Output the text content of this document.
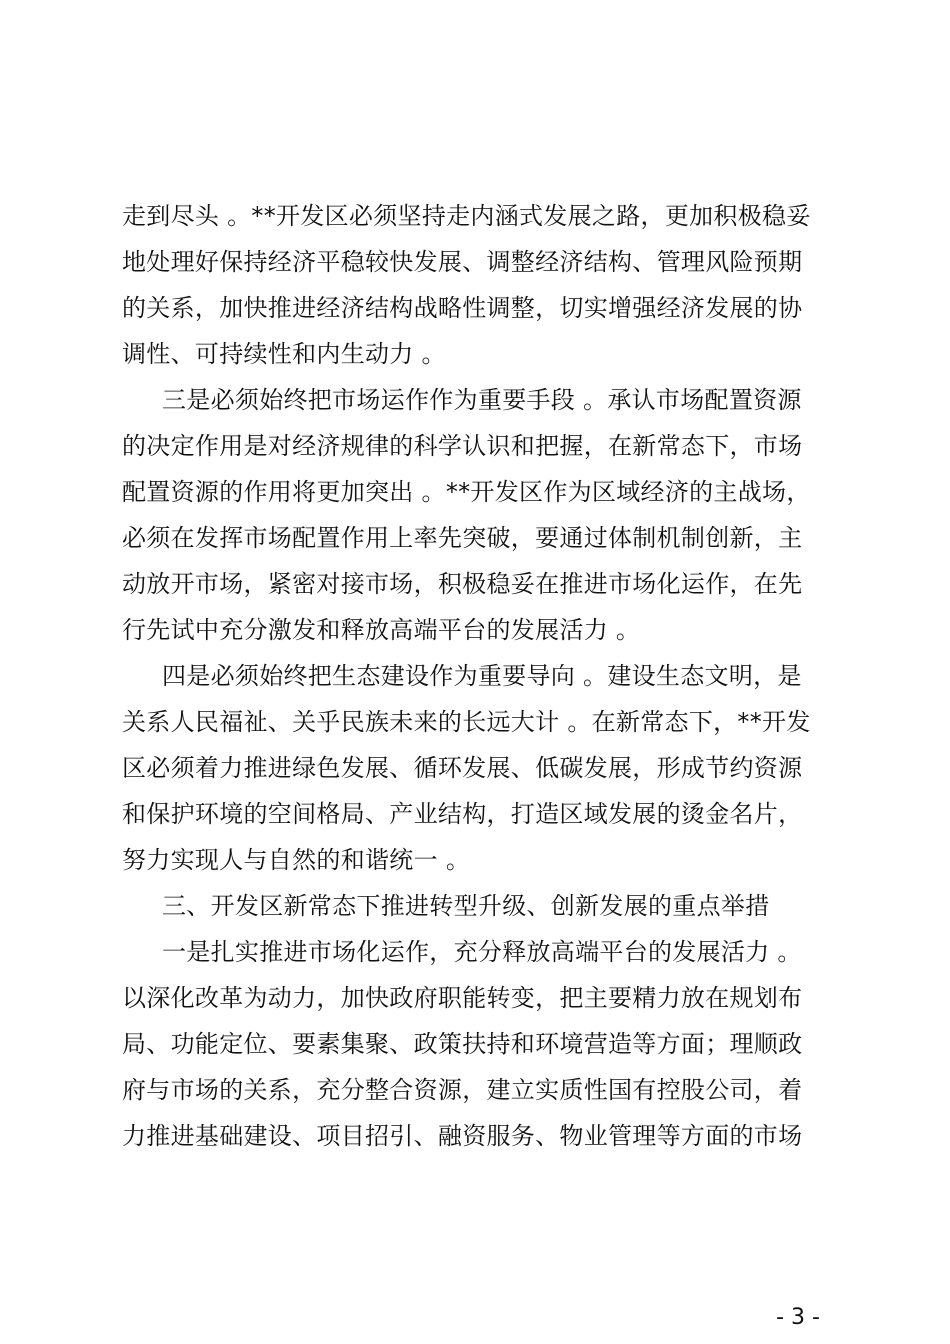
走到尽头 。**开发区必须坚持走内涵式发展之路，更加积极稳妥
地处理好保持经济平稳较快发展、调整经济结构、管理风险预期
的关系，加快推进经济结构战略性调整，切实增强经济发展的协
调性、可持续性和内生动力 。
三是必须始终把市场运作作为重要手段 。承认市场配置资源
的决定作用是对经济规律的科学认识和把握，在新常态下，市场
配置资源的作用将更加突出 。**开发区作为区域经济的主战场，
必须在发挥市场配置作用上率先突破，要通过体制机制创新，主
动放开市场，紧密对接市场，积极稳妥在推进市场化运作，在先
行先试中充分激发和释放高端平台的发展活力 。
四是必须始终把生态建设作为重要导向 。建设生态文明，是
关系人民福祉、关乎民族未来的长远大计 。在新常态下，**开发
区必须着力推进绿色发展、循环发展、低碳发展，形成节约资源
和保护环境的空间格局、产业结构，打造区域发展的烫金名片，
努力实现人与自然的和谐统一 。
三、开发区新常态下推进转型升级、创新发展的重点举措
一是扎实推进市场化运作，充分释放高端平台的发展活力 。
以深化改革为动力，加快政府职能转变，把主要精力放在规划布
局、功能定位、要素集聚、政策扶持和环境营造等方面；理顺政
府与市场的关系，充分整合资源，建立实质性国有控股公司，着
力推进基础建设、项目招引、融资服务、物业管理等方面的市场
- 3 -
